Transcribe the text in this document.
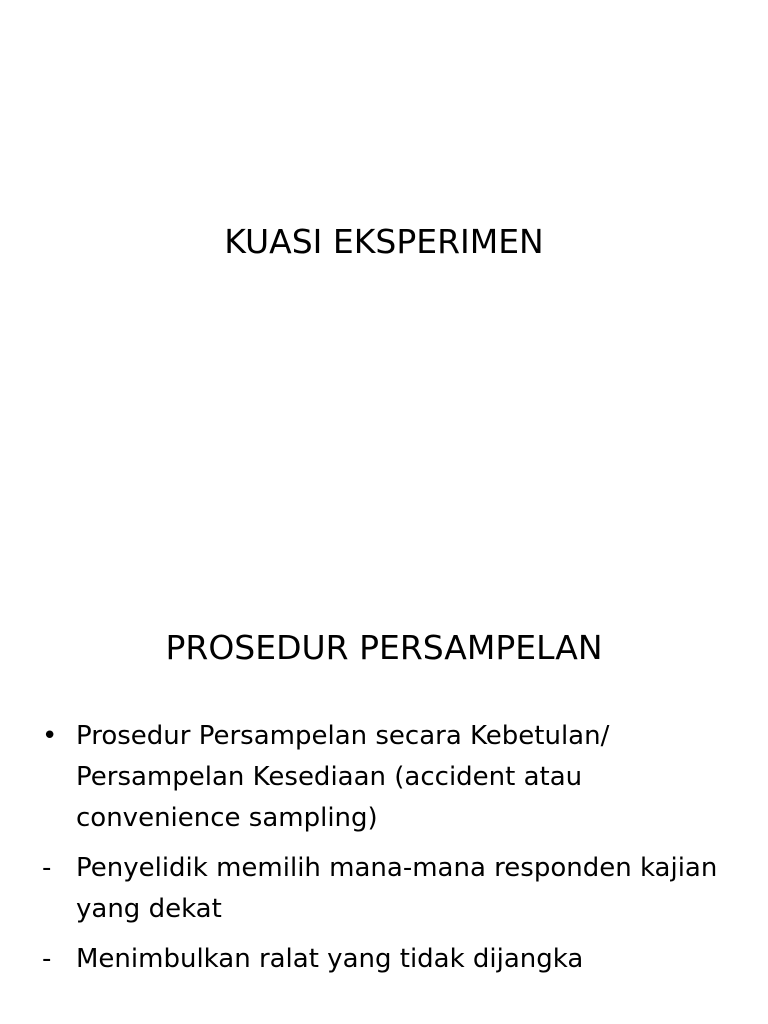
KUASI EKSPERIMEN
PROSEDUR PERSAMPELAN
• Prosedur Persampelan secara Kebetulan/ Persampelan Kesediaan (accident atau convenience sampling)
- Penyelidik memilih mana-mana responden kajian yang dekat
- Menimbulkan ralat yang tidak dijangka
